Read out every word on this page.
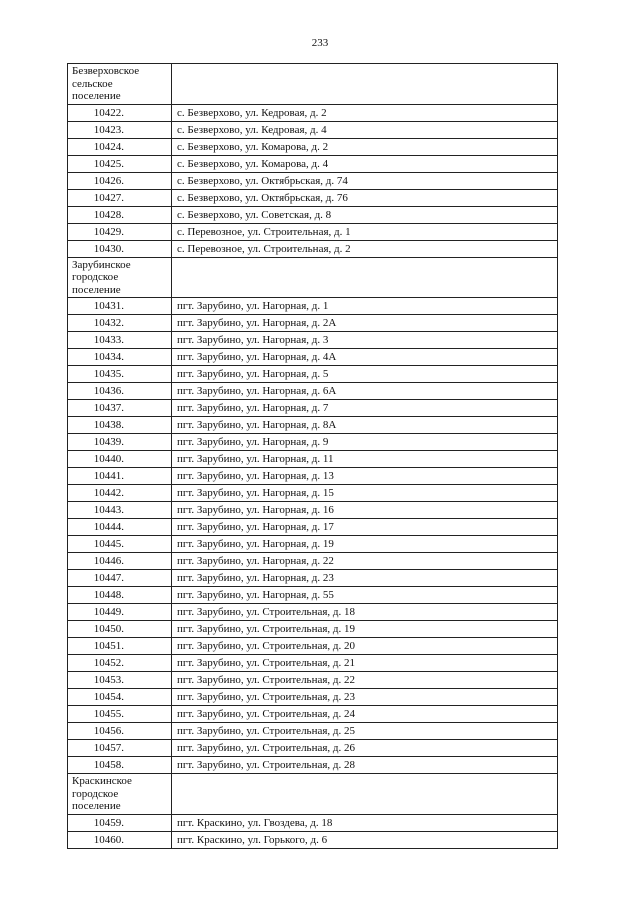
233
Безверховское
сельское
поселение	

10422.	с. Безверхово, ул. Кедровая, д. 2
10423.	с. Безверхово, ул. Кедровая, д. 4
10424.	с. Безверхово, ул. Комарова, д. 2
10425.	с. Безверхово, ул. Комарова, д. 4
10426.	с. Безверхово, ул. Октябрьская, д. 74
10427.	с. Безверхово, ул. Октябрьская, д. 76
10428.	с. Безверхово, ул. Советская, д. 8
10429.	с. Перевозное, ул. Строительная, д. 1
10430.	с. Перевозное, ул. Строительная, д. 2

Зарубинское
городское
поселение	

10431.	пгт. Зарубино, ул. Нагорная, д. 1
10432.	пгт. Зарубино, ул. Нагорная, д. 2А
10433.	пгт. Зарубино, ул. Нагорная, д. 3
10434.	пгт. Зарубино, ул. Нагорная, д. 4А
10435.	пгт. Зарубино, ул. Нагорная, д. 5
10436.	пгт. Зарубино, ул. Нагорная, д. 6А
10437.	пгт. Зарубино, ул. Нагорная, д. 7
10438.	пгт. Зарубино, ул. Нагорная, д. 8А
10439.	пгт. Зарубино, ул. Нагорная, д. 9
10440.	пгт. Зарубино, ул. Нагорная, д. 11
10441.	пгт. Зарубино, ул. Нагорная, д. 13
10442.	пгт. Зарубино, ул. Нагорная, д. 15
10443.	пгт. Зарубино, ул. Нагорная, д. 16
10444.	пгт. Зарубино, ул. Нагорная, д. 17
10445.	пгт. Зарубино, ул. Нагорная, д. 19
10446.	пгт. Зарубино, ул. Нагорная, д. 22
10447.	пгт. Зарубино, ул. Нагорная, д. 23
10448.	пгт. Зарубино, ул. Нагорная, д. 55
10449.	пгт. Зарубино, ул. Строительная, д. 18
10450.	пгт. Зарубино, ул. Строительная, д. 19
10451.	пгт. Зарубино, ул. Строительная, д. 20
10452.	пгт. Зарубино, ул. Строительная, д. 21
10453.	пгт. Зарубино, ул. Строительная, д. 22
10454.	пгт. Зарубино, ул. Строительная, д. 23
10455.	пгт. Зарубино, ул. Строительная, д. 24
10456.	пгт. Зарубино, ул. Строительная, д. 25
10457.	пгт. Зарубино, ул. Строительная, д. 26
10458.	пгт. Зарубино, ул. Строительная, д. 28

Краскинское
городское
поселение	

10459.	пгт. Краскино, ул. Гвоздева, д. 18
10460.	пгт. Краскино, ул. Горького, д. 6
